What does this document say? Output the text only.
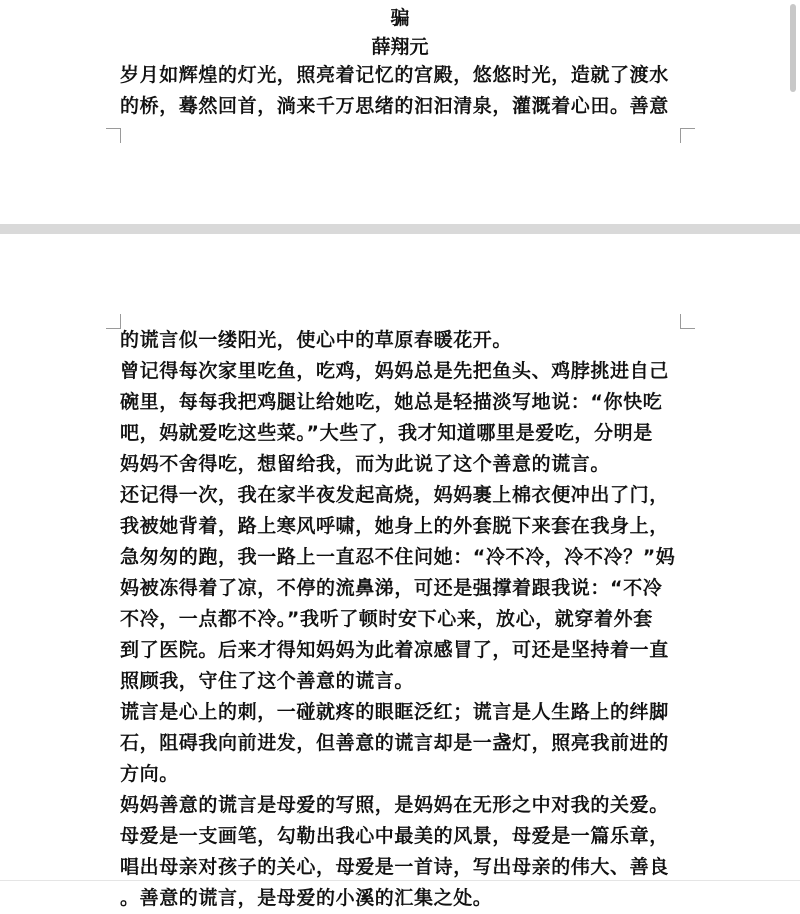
骗
薛翔元
岁月如辉煌的灯光，照亮着记忆的宫殿，悠悠时光，造就了渡水
的桥，蓦然回首，淌来千万思绪的汩汩清泉，灌溉着心田。善意
的谎言似一缕阳光，使心中的草原春暖花开。
曾记得每次家里吃鱼，吃鸡，妈妈总是先把鱼头、鸡脖挑进自己
碗里，每每我把鸡腿让给她吃，她总是轻描淡写地说：“你快吃
吧，妈就爱吃这些菜。”大些了，我才知道哪里是爱吃，分明是
妈妈不舍得吃，想留给我，而为此说了这个善意的谎言。
还记得一次，我在家半夜发起高烧，妈妈裹上棉衣便冲出了门，
我被她背着，路上寒风呼啸，她身上的外套脱下来套在我身上，
急匆匆的跑，我一路上一直忍不住问她：“冷不冷，冷不冷？”妈
妈被冻得着了凉，不停的流鼻涕，可还是强撑着跟我说：“不冷
不冷，一点都不冷。”我听了顿时安下心来，放心，就穿着外套
到了医院。后来才得知妈妈为此着凉感冒了，可还是坚持着一直
照顾我，守住了这个善意的谎言。
谎言是心上的刺，一碰就疼的眼眶泛红；谎言是人生路上的绊脚
石，阻碍我向前进发，但善意的谎言却是一盏灯，照亮我前进的
方向。
妈妈善意的谎言是母爱的写照，是妈妈在无形之中对我的关爱。
母爱是一支画笔，勾勒出我心中最美的风景，母爱是一篇乐章，
唱出母亲对孩子的关心，母爱是一首诗，写出母亲的伟大、善良
。善意的谎言，是母爱的小溪的汇集之处。
